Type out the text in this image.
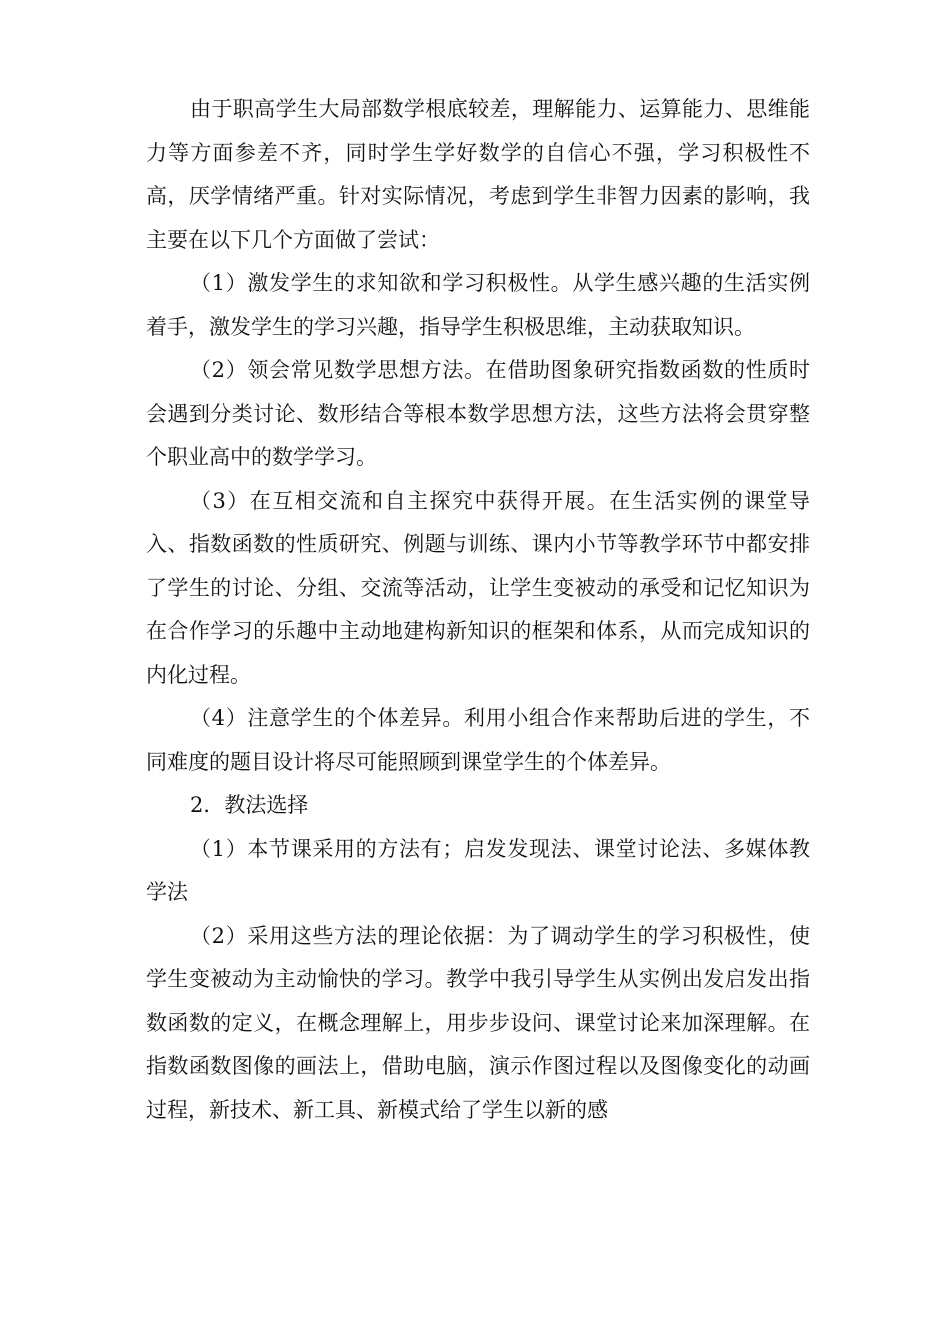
由于职高学生大局部数学根底较差，理解能力、运算能力、思维能力等方面参差不齐，同时学生学好数学的自信心不强，学习积极性不高，厌学情绪严重。针对实际情况，考虑到学生非智力因素的影响，我主要在以下几个方面做了尝试：

（1）激发学生的求知欲和学习积极性。从学生感兴趣的生活实例着手，激发学生的学习兴趣，指导学生积极思维，主动获取知识。

（2）领会常见数学思想方法。在借助图象研究指数函数的性质时会遇到分类讨论、数形结合等根本数学思想方法，这些方法将会贯穿整个职业高中的数学学习。

（3）在互相交流和自主探究中获得开展。在生活实例的课堂导入、指数函数的性质研究、例题与训练、课内小节等教学环节中都安排了学生的讨论、分组、交流等活动，让学生变被动的承受和记忆知识为在合作学习的乐趣中主动地建构新知识的框架和体系，从而完成知识的内化过程。

（4）注意学生的个体差异。利用小组合作来帮助后进的学生，不同难度的题目设计将尽可能照顾到课堂学生的个体差异。

2．教法选择

（1）本节课采用的方法有；启发发现法、课堂讨论法、多媒体教学法

（2）采用这些方法的理论依据：为了调动学生的学习积极性，使学生变被动为主动愉快的学习。教学中我引导学生从实例出发启发出指数函数的定义，在概念理解上，用步步设问、课堂讨论来加深理解。在指数函数图像的画法上，借助电脑，演示作图过程以及图像变化的动画过程，新技术、新工具、新模式给了学生以新的感
